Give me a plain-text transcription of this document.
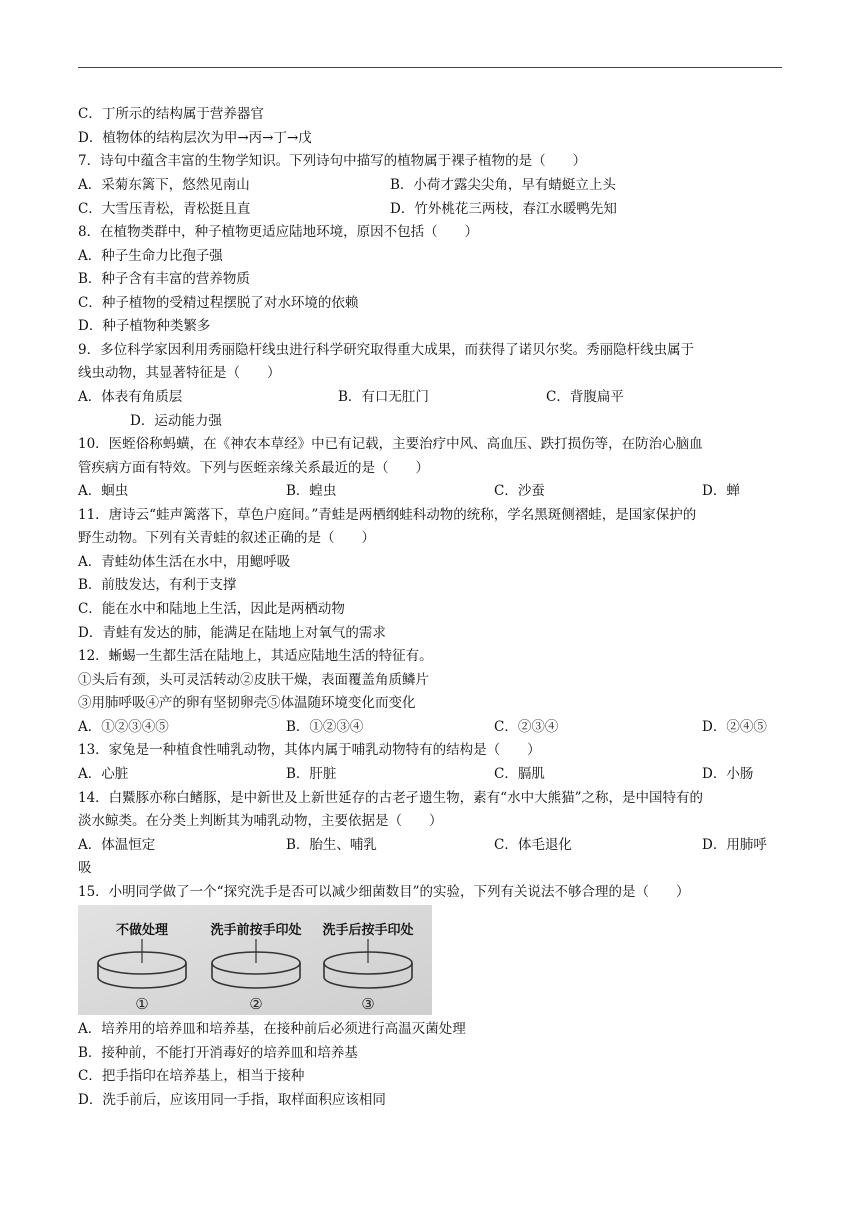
C．丁所示的结构属于营养器官
D．植物体的结构层次为甲→丙→丁→戊
7．诗句中蕴含丰富的生物学知识。下列诗句中描写的植物属于裸子植物的是（　　）
A．采菊东篱下，悠然见南山	B．小荷才露尖尖角，早有蜻蜓立上头
C．大雪压青松，青松挺且直	D．竹外桃花三两枝，春江水暖鸭先知
8．在植物类群中，种子植物更适应陆地环境，原因不包括（　　）
A．种子生命力比孢子强
B．种子含有丰富的营养物质
C．种子植物的受精过程摆脱了对水环境的依赖
D．种子植物种类繁多
9．多位科学家因利用秀丽隐杆线虫进行科学研究取得重大成果，而获得了诺贝尔奖。秀丽隐杆线虫属于
线虫动物，其显著特征是（　　）
A．体表有角质层	B．有口无肛门	C．背腹扁平
D．运动能力强
10．医蛭俗称蚂蟥，在《神农本草经》中已有记载，主要治疗中风、高血压、跌打损伤等，在防治心脑血
管疾病方面有特效。下列与医蛭亲缘关系最近的是（　　）
A．蛔虫	B．蝗虫	C．沙蚕	D．蝉
11．唐诗云“蛙声篱落下，草色户庭间。”青蛙是两栖纲蛙科动物的统称，学名黑斑侧褶蛙，是国家保护的
野生动物。下列有关青蛙的叙述正确的是（　　）
A．青蛙幼体生活在水中，用鳃呼吸
B．前肢发达，有利于支撑
C．能在水中和陆地上生活，因此是两栖动物
D．青蛙有发达的肺，能满足在陆地上对氧气的需求
12．蜥蜴一生都生活在陆地上，其适应陆地生活的特征有。
①头后有颈，头可灵活转动②皮肤干燥，表面覆盖角质鳞片
③用肺呼吸④产的卵有坚韧卵壳⑤体温随环境变化而变化
A．①②③④⑤	B．①②③④	C．②③④	D．②④⑤
13．家兔是一种植食性哺乳动物，其体内属于哺乳动物特有的结构是（　　）
A．心脏	B．肝脏	C．膈肌	D．小肠
14．白鱀豚亦称白鳍豚，是中新世及上新世延存的古老孑遗生物，素有“水中大熊猫”之称，是中国特有的
淡水鲸类。在分类上判断其为哺乳动物，主要依据是（　　）
A．体温恒定	B．胎生、哺乳	C．体毛退化	D．用肺呼
吸
15．小明同学做了一个“探究洗手是否可以减少细菌数目”的实验，下列有关说法不够合理的是（　　）
不做处理	洗手前按手印处 洗手后按手印处
①	②	③
A．培养用的培养皿和培养基，在接种前后必须进行高温灭菌处理
B．接种前，不能打开消毒好的培养皿和培养基
C．把手指印在培养基上，相当于接种
D．洗手前后，应该用同一手指，取样面积应该相同
